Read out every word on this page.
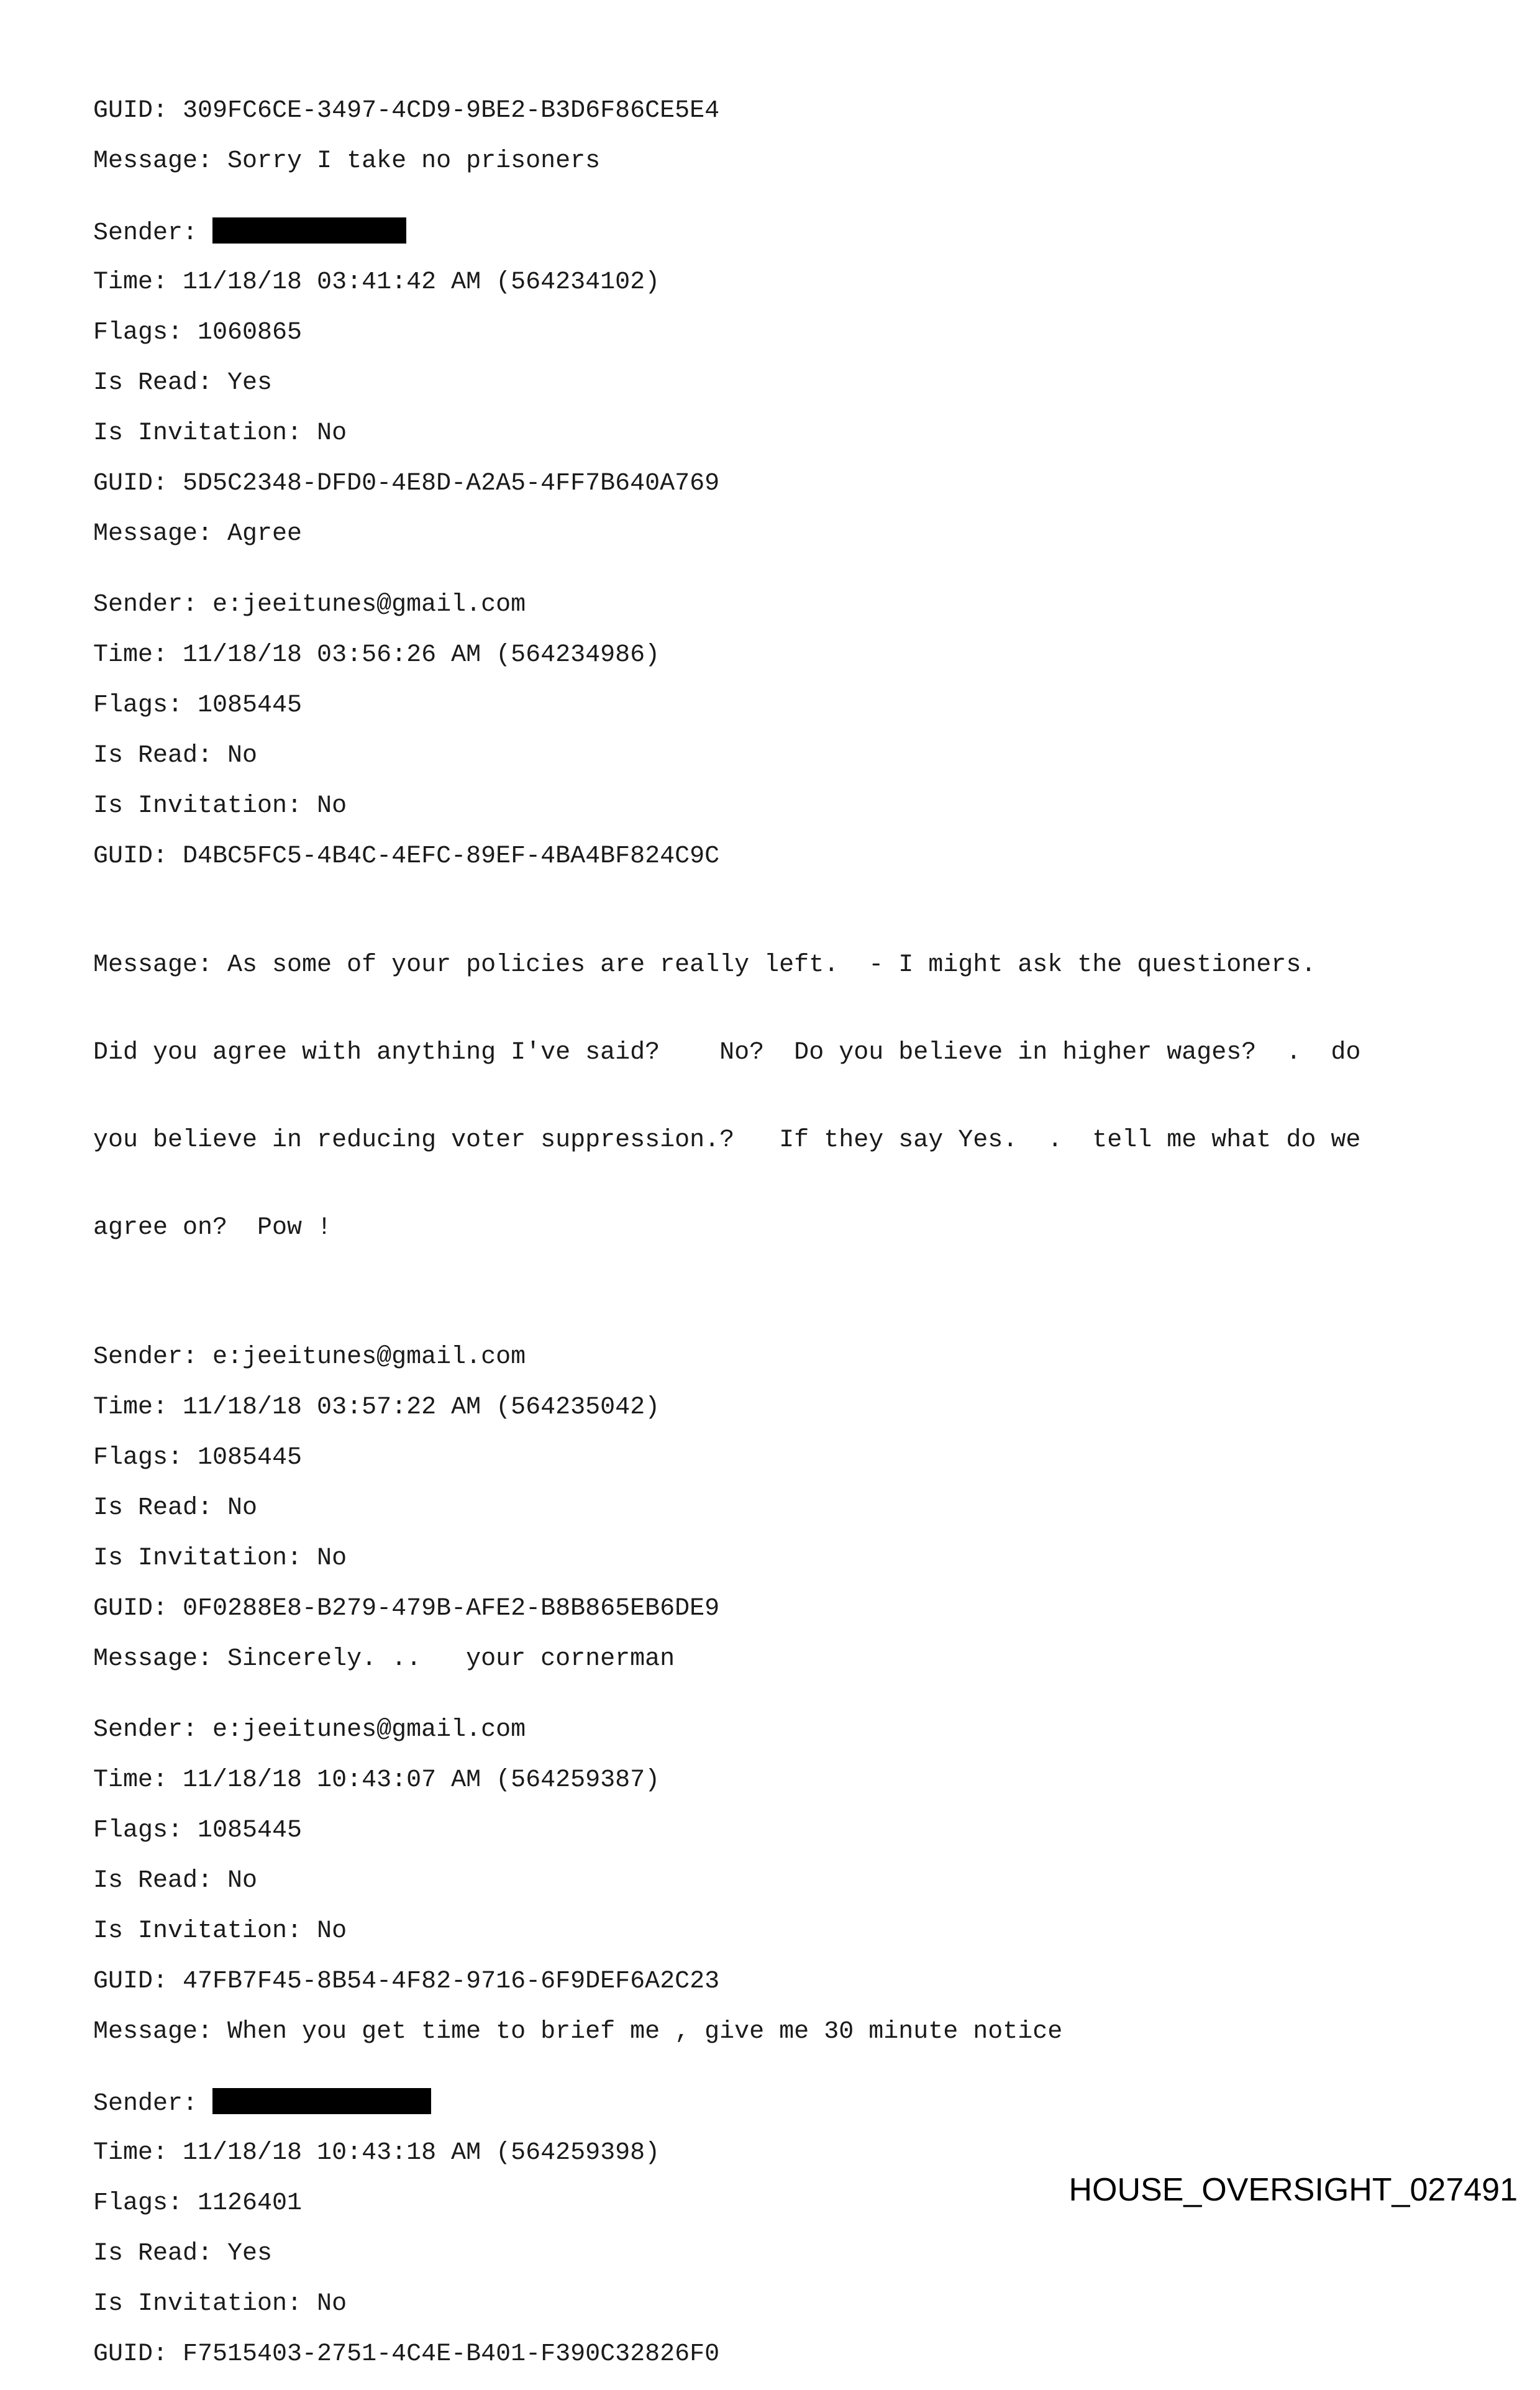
GUID: 309FC6CE-3497-4CD9-9BE2-B3D6F86CE5E4
Message: Sorry I take no prisoners
Sender:
Time: 11/18/18 03:41:42 AM (564234102)
Flags: 1060865
Is Read: Yes
Is Invitation: No
GUID: 5D5C2348-DFD0-4E8D-A2A5-4FF7B640A769
Message: Agree
Sender: e:jeeitunes@gmail.com
Time: 11/18/18 03:56:26 AM (564234986)
Flags: 1085445
Is Read: No
Is Invitation: No
GUID: D4BC5FC5-4B4C-4EFC-89EF-4BA4BF824C9C

Message: As some of your policies are really left.  - I might ask the questioners.

Did you agree with anything I've said?    No?  Do you believe in higher wages?  .  do

you believe in reducing voter suppression.?   If they say Yes.  .  tell me what do we

agree on?  Pow !

Sender: e:jeeitunes@gmail.com
Time: 11/18/18 03:57:22 AM (564235042)
Flags: 1085445
Is Read: No
Is Invitation: No
GUID: 0F0288E8-B279-479B-AFE2-B8B865EB6DE9
Message: Sincerely. ..   your cornerman
Sender: e:jeeitunes@gmail.com
Time: 11/18/18 10:43:07 AM (564259387)
Flags: 1085445
Is Read: No
Is Invitation: No
GUID: 47FB7F45-8B54-4F82-9716-6F9DEF6A2C23
Message: When you get time to brief me , give me 30 minute notice
Sender:
Time: 11/18/18 10:43:18 AM (564259398)
Flags: 1126401
Is Read: Yes
Is Invitation: No
GUID: F7515403-2751-4C4E-B401-F390C32826F0
HOUSE_OVERSIGHT_027491
